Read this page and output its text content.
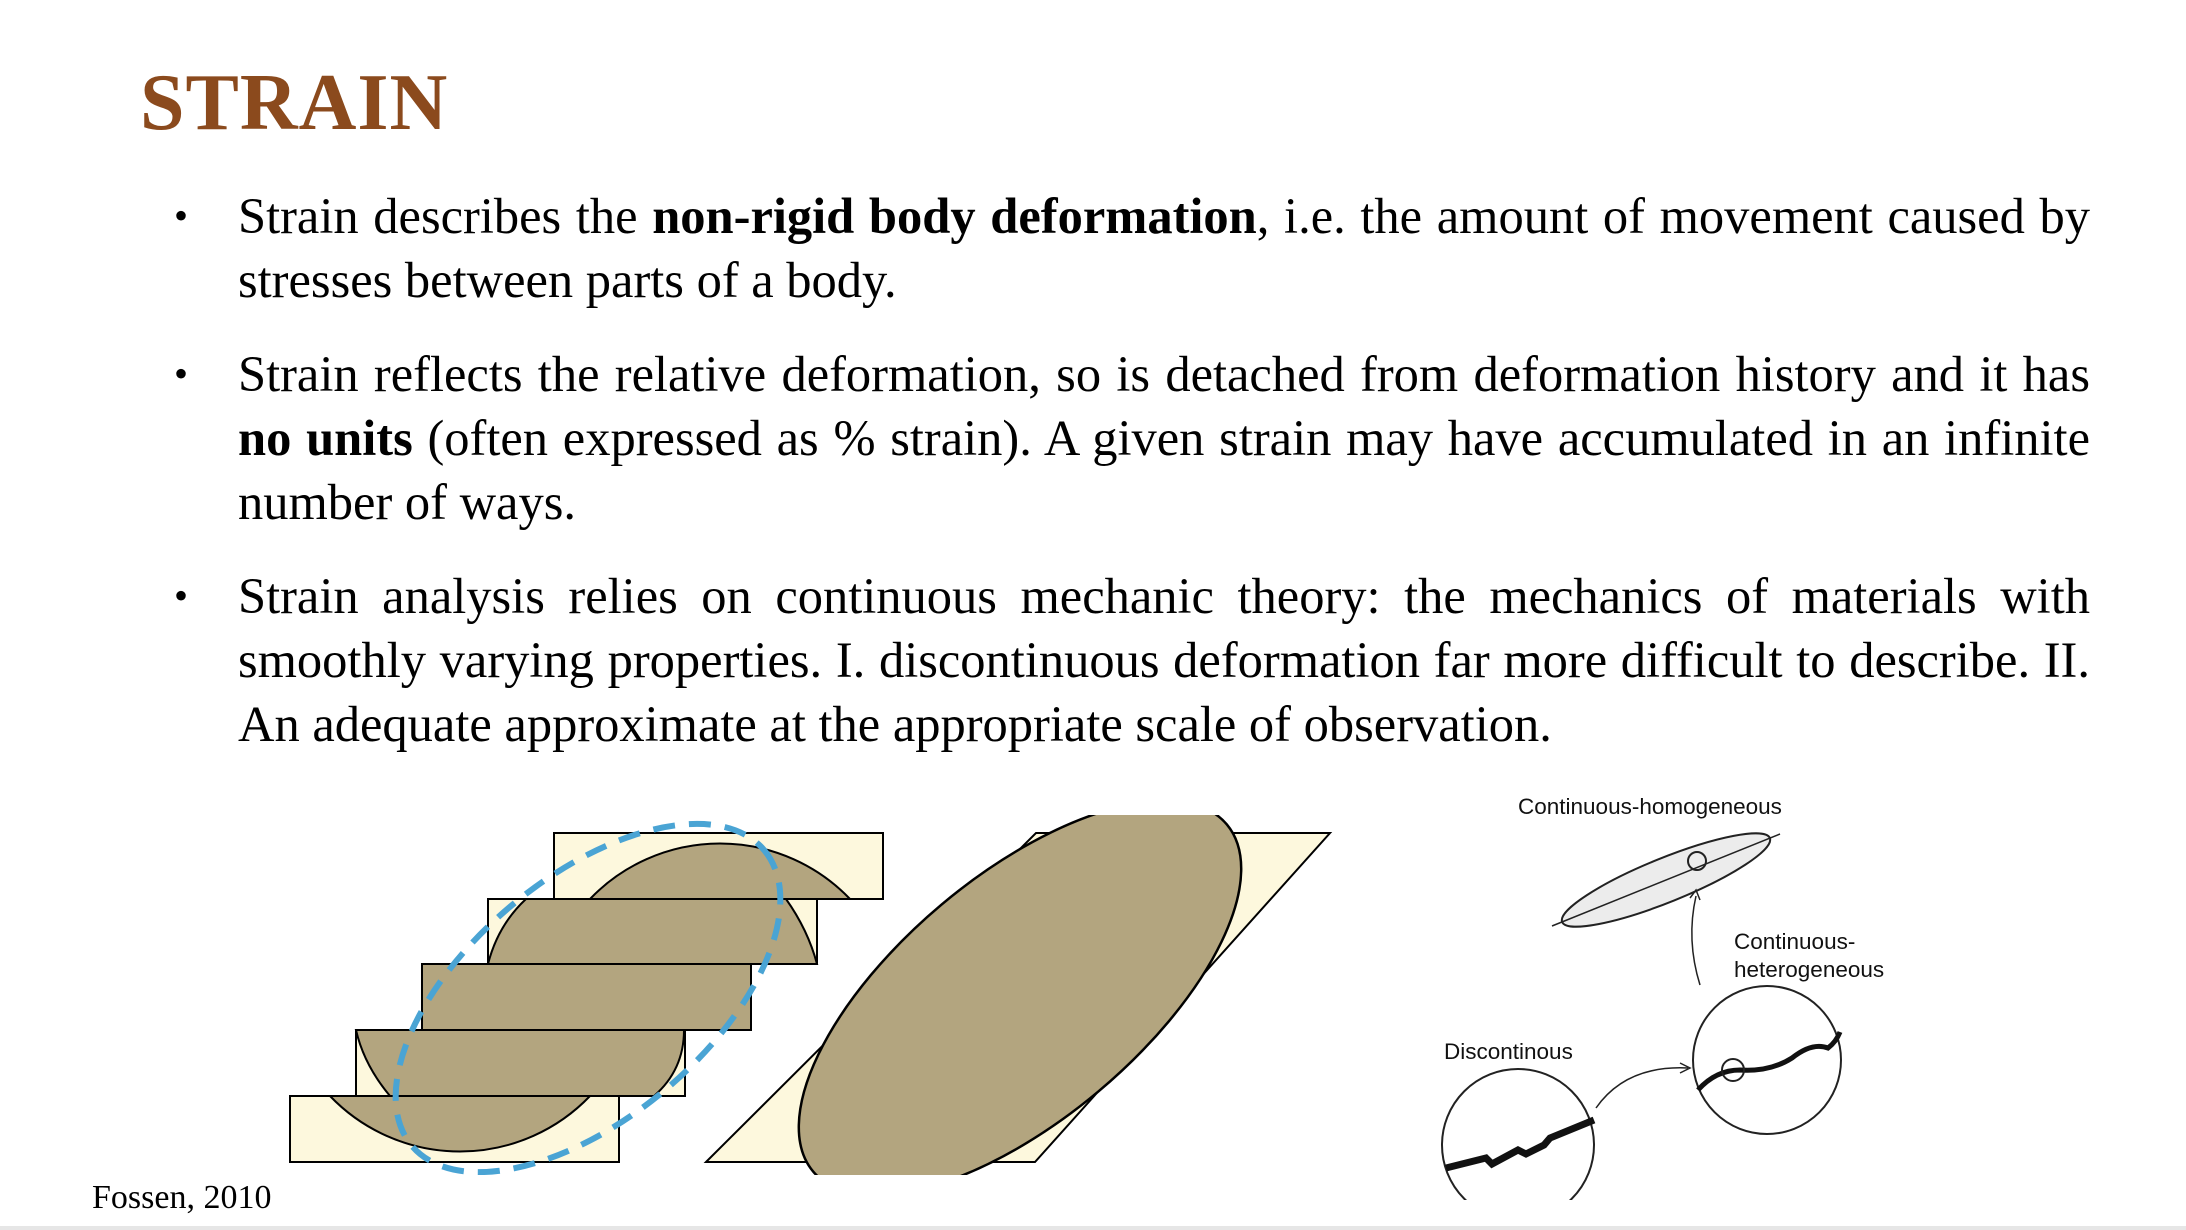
STRAIN
• Strain describes the non-rigid body deformation, i.e. the amount of movement caused by stresses between parts of a body.
• Strain reflects the relative deformation, so is detached from deformation history and it has no units (often expressed as % strain). A given strain may have accumulated in an infinite number of ways.
• Strain analysis relies on continuous mechanic theory: the mechanics of materials with smoothly varying properties. I. discontinuous deformation far more difficult to describe. II. An adequate approximate at the appropriate scale of observation.
Continuous-homogeneous
Continuous-
heterogeneous
Discontinous
Fossen, 2010
